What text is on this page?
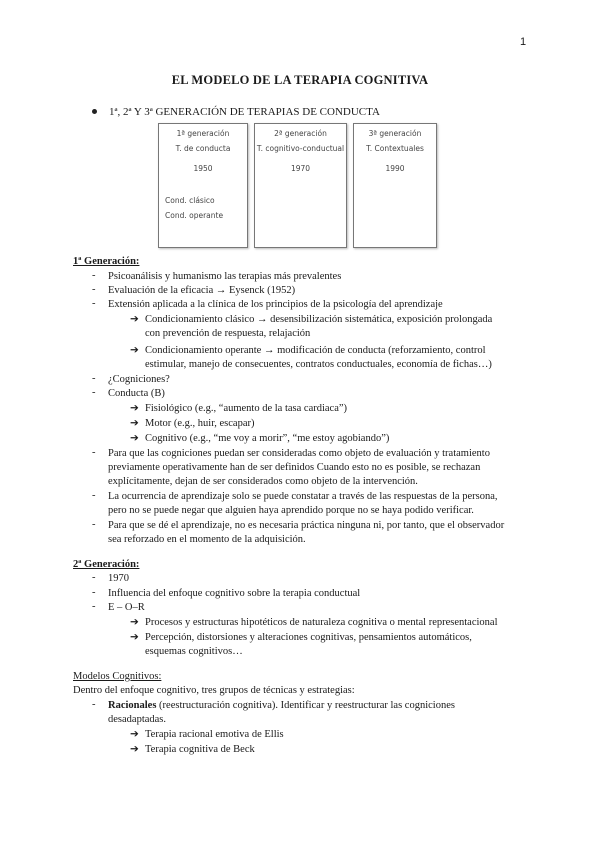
1
EL MODELO DE LA TERAPIA COGNITIVA
1ª, 2ª Y 3ª GENERACIÓN DE TERAPIAS DE CONDUCTA
1ª generación
T. de conducta
1950
Cond. clásico
Cond. operante
2ª generación
T. cognitivo-conductual
1970
3ª generación
T. Contextuales
1990
1ª Generación:
- Psicoanálisis y humanismo las terapias más prevalentes
- Evaluación de la eficacia → Eysenck (1952)
- Extensión aplicada a la clínica de los principios de la psicología del aprendizaje
➔ Condicionamiento clásico → desensibilización sistemática, exposición prolongada
con prevención de respuesta, relajación
➔ Condicionamiento operante → modificación de conducta (reforzamiento, control
estimular, manejo de consecuentes, contratos conductuales, economía de fichas…)
- ¿Cogniciones?
- Conducta (B)
➔ Fisiológico (e.g., “aumento de la tasa cardiaca”)
➔ Motor (e.g., huir, escapar)
➔ Cognitivo (e.g., “me voy a morir”, “me estoy agobiando”)
- Para que las cogniciones puedan ser consideradas como objeto de evaluación y tratamiento
previamente operativamente han de ser definidos Cuando esto no es posible, se rechazan
explícitamente, dejan de ser considerados como objeto de la intervención.
- La ocurrencia de aprendizaje solo se puede constatar a través de las respuestas de la persona,
pero no se puede negar que alguien haya aprendido porque no se haya podido verificar.
- Para que se dé el aprendizaje, no es necesaria práctica ninguna ni, por tanto, que el observador
sea reforzado en el momento de la adquisición.
2ª Generación:
- 1970
- Influencia del enfoque cognitivo sobre la terapia conductual
- E – O–R
➔ Procesos y estructuras hipotéticos de naturaleza cognitiva o mental representacional
➔ Percepción, distorsiones y alteraciones cognitivas, pensamientos automáticos,
esquemas cognitivos…
Modelos Cognitivos:
Dentro del enfoque cognitivo, tres grupos de técnicas y estrategias:
- Racionales (reestructuración cognitiva). Identificar y reestructurar las cogniciones
desadaptadas.
➔ Terapia racional emotiva de Ellis
➔ Terapia cognitiva de Beck
